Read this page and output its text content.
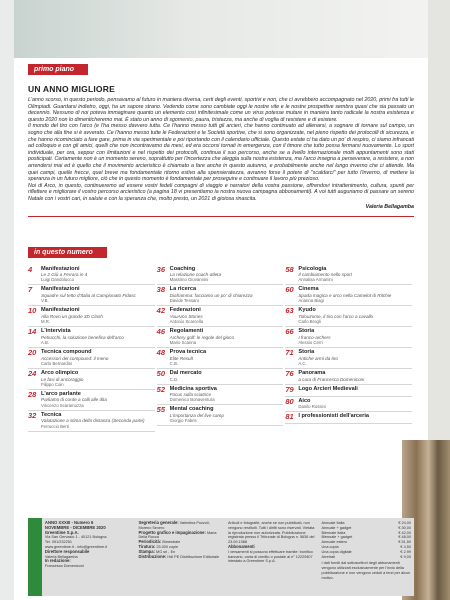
primo piano
UN ANNO MIGLIORE

L'anno scorso, in questo periodo, pensavamo al futuro in maniera diversa, certi degli eventi, sportivi e non, che ci avrebbero accompagnato nel 2020, primi fra tutti le Olimpiadi. Guardarsi indietro, oggi, ha un sapore strano. Vedendo come sono cambiate oggi le nostre vite e le nostre prospettive sembra quasi che sia passato un decennio. Nessuno di noi poteva immaginare quanto un elemento così infinitesimale come un virus potesse mutare in maniera tanto radicale la nostra esistenza e questo 2020 non lo dimenticheremo mai. È stato un anno di sgomento, paura, tristezza, ma anche di voglia di resistere e di esistere.

Il mondo del tiro con l'arco (e l'ha messo davvero tutta. Ce l'hanno messo tutti gli arcieri, che hanno continuato ad allenarsi, a sognare di tornare sul campo, un sogno che alla fine si è avverato. Ce l'hanno messo tutte le Federazioni e le Società sportive, che si sono organizzate, nel pieno rispetto dei protocolli di sicurezza, e che hanno ricominciato a fare gare, prima in via sperimentale e poi riportando con il calendario ufficiale. Questo estate ci ha dato un po' di respiro, ci siamo infrancati ad colloquio e con gli amici, quelli che non incontravamo da mesi, ed era occorsi tornati in emergenza, con il timore che tutto possa fermarsi nuovamente. Lo sport individuale, per ora, seppur con limitazioni e nel rispetto dei protocolli, continua il suo percorso, anche se a livello internazionale molti appuntamenti sono stati posticipati. Certamente non è un momento sereno, soprattutto per l'incertezza che aleggia sulla nostra esistenza, ma l'arco insegna a perseverare, a resistere, a non arrendersi mai ed è quello che il movimento arcieristico è chiamato a fare anche in questo autunno, e probabilmente anche nel lungo inverno che ci attende. Ma quei campi, quelle frecce, quel breve ma fondamentale ritorno estivo alla spensieratezza, avranno forse il potere di "scaldarci" per tutto l'inverno, di mettere la speranza in un futuro migliore, ciò che in questo momento è fondamentale per proseguire e continuare il lavoro più prezioso.

Noi di Arco, in questo, continueremo ad essere vostri fedeli compagni di viaggio e narratori della vostra passione, offrendovi intrattenimento, cultura, spunti per riflettere e migliorare il vostro percorso arcieristico (a pagina 18 vi presentiamo la nostra nuova campagna abbonamenti). A voi tutti auguriamo di passare un sereno Natale con i vostri cari, in salute e con la speranza che, molto presto, un 2021 di gioiosa rinascita.

Valeria Bellagamba
in questo numero
4	Manifestazioni
Le 2 Giù a Ferrara in 4
Luigi Dandolucco
7	Manifestazioni
Squadre sul tetto d'Italia al Campionato Fidasc
V.B.
10 Manifestazioni
Alla Rovo un grande 3D Clash
M.R.
14 L'intervista
Petrucchi, la soluzione benefica dell'arco
A.B.
20 Tecnica compound
Accessori del compound: il meno
Carlo Bernardini
24 Arco olimpico
Le fasi di ancoraggio
Filippo Coin
28 L'arco parlante
Parliamo di corde a calli alle dita
Vincenzo Scaramuzza
32 Tecnica
Valutazione a stima della distanza (Seconda parte)
Ferruccio Berti
36 Coaching
La relazione coach-atleta
Massimo Giovannini
38 La ricerca
Diaframma: facciamo un po' di chiarezza
Davide Tessaro
42 Federazioni
YouArco Stories
Antonio Scarcella
46 Regolamenti
Archery golf: le regole del gioco
Mario Scanna
48 Prova tecnica
Elite Result
C.B.
50 Dal mercato
C.D.
52 Medicina sportiva
Focus sulla sciatrice
Domenico Bonaventura
55 Mental coaching
L'importanza del live camp
Giorgio Fabris
58 Psicologia
Il cambiamento nello sport
Annalisa Armanini
60 Cinema
Spada magica e arco nella Camelot di Ritchie
Arianna Biagi
63 Kyudo
Tolouzome, il tiro con l'arco a cavallo
Carlo Brogli
66 Storia
I franco-archers
Alessio Cerri
71 Storia
Antiche armi da tiro
A.C.
76 Panorama
a cura di Francesca Domeniconi
79 Logo Arcieri Medievali
80 Aico
Danilo Rossini
81 I professionisti dell'arceria
Greentime
ANNO XXXIII - Numero 6
NOVEMBRE - DICEMBRE 2020
Greentime S.p.A.
Via San Gervasio 1 - 40121 Bologna
Tel. 051/232251
www.greentime.it - info@greentime.it
Direttore responsabile
Valeria Bellagamba
In redazione:
Francesca Domeniconi
Segreteria generale: Valentina Pozzoli, Moreno Severo
Progetto grafico e impaginazione: Maria Della Rocca
Periodicità: Bimestrale
Tiratura: 25.000 copie
Stampa: MG srl - En
Distribuzione: Hdl PE Distribuzione Editoriale
Articoli e fotografie, anche se non pubblicati, non vengono restituiti. Tutti i diritti sono riservati. Vietata la riproduzione non autorizzata. Pubblicazione registrata presso il Tribunale di Bologna n. 5636 del 23.09.1988
Abbonamenti
I versamenti si possono effettuare tramite: bonifico bancario, carta di credito o postale al n° 12229407 intestato a Greentime S.p.A.
Annuale Italia	€ 24,00
Annuale + gadget	€ 30,00
Biennale Italia	€ 42,00
Biennale + gadget	€ 48,00
Annuale estero	€ 51,50
Una copia	€ 4,50
Una copia digitale	€ 2,99
Arretrati	€ 9,00
I dati forniti dai sottoscrittori degli abbonamenti vengono utilizzati esclusivamente per l'invio della pubblicazione e non vengono ceduti a terzi per alcun motivo.
